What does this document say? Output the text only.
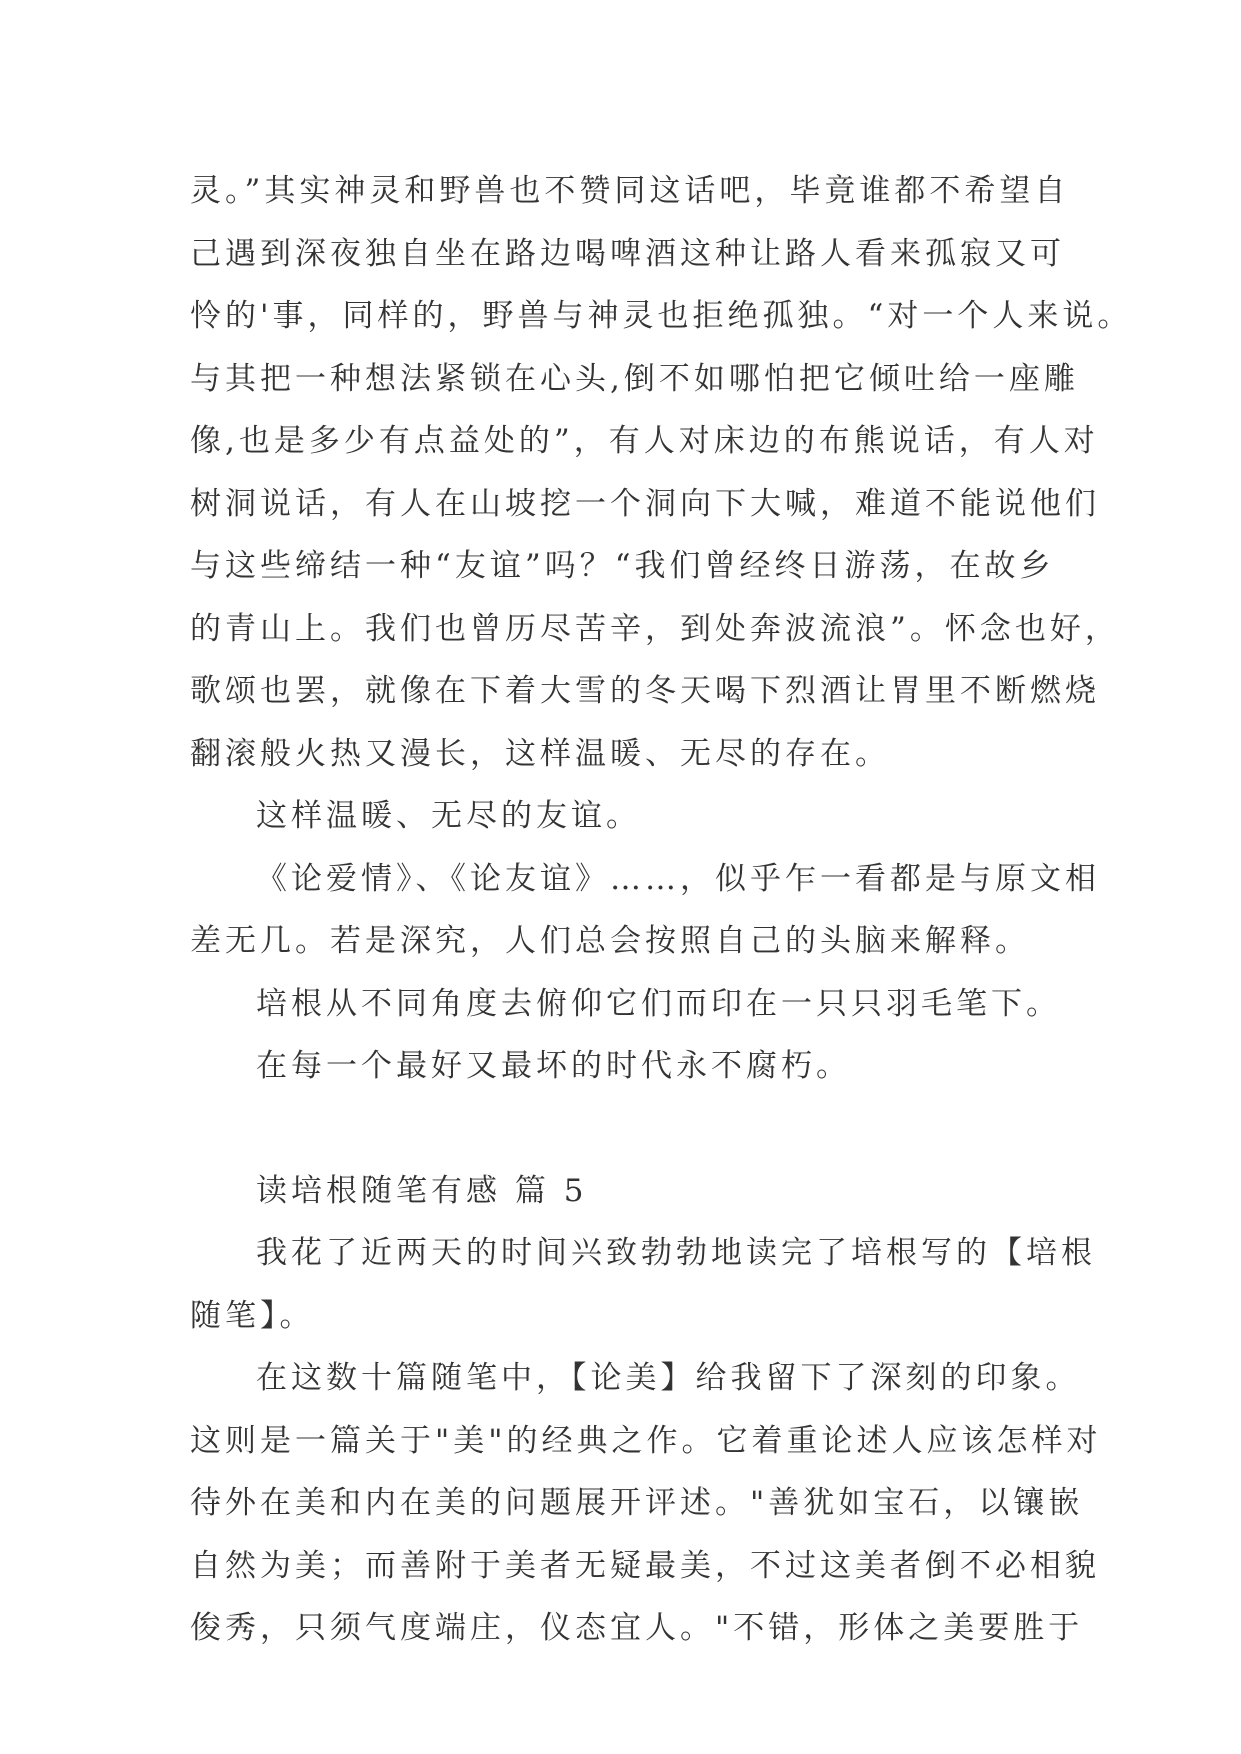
灵。”其实神灵和野兽也不赞同这话吧，毕竟谁都不希望自
己遇到深夜独自坐在路边喝啤酒这种让路人看来孤寂又可
怜的'事，同样的，野兽与神灵也拒绝孤独。“对一个人来说。
与其把一种想法紧锁在心头,倒不如哪怕把它倾吐给一座雕
像,也是多少有点益处的”，有人对床边的布熊说话，有人对
树洞说话，有人在山坡挖一个洞向下大喊，难道不能说他们
与这些缔结一种“友谊”吗？“我们曾经终日游荡，在故乡
的青山上。我们也曾历尽苦辛，到处奔波流浪”。怀念也好，
歌颂也罢，就像在下着大雪的冬天喝下烈酒让胃里不断燃烧
翻滚般火热又漫长，这样温暖、无尽的存在。
这样温暖、无尽的友谊。
《论爱情》、《论友谊》……，似乎乍一看都是与原文相
差无几。若是深究，人们总会按照自己的头脑来解释。
培根从不同角度去俯仰它们而印在一只只羽毛笔下。
在每一个最好又最坏的时代永不腐朽。
读培根随笔有感 篇 5
我花了近两天的时间兴致勃勃地读完了培根写的【培根
随笔】。
在这数十篇随笔中，【论美】给我留下了深刻的印象。
这则是一篇关于"美"的经典之作。它着重论述人应该怎样对
待外在美和内在美的问题展开评述。"善犹如宝石，以镶嵌
自然为美；而善附于美者无疑最美，不过这美者倒不必相貌
俊秀，只须气度端庄，仪态宜人。"不错，形体之美要胜于
